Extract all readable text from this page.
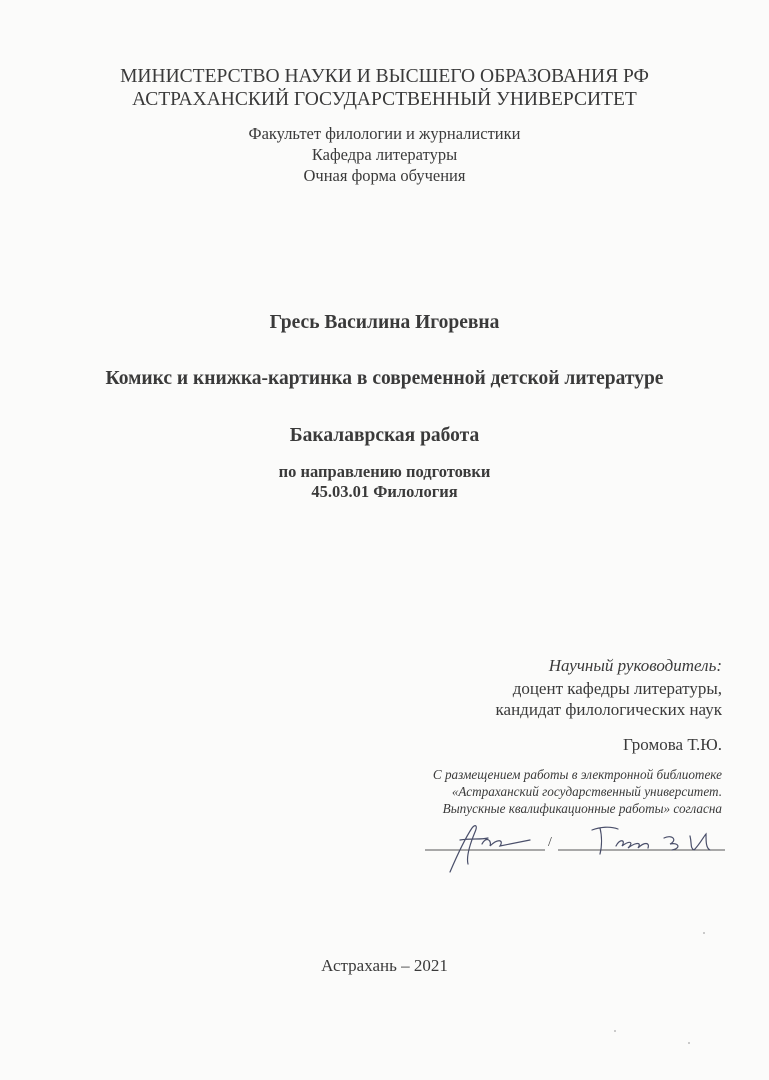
МИНИСТЕРСТВО НАУКИ И ВЫСШЕГО ОБРАЗОВАНИЯ РФ
АСТРАХАНСКИЙ ГОСУДАРСТВЕННЫЙ УНИВЕРСИТЕТ
Факультет филологии и журналистики
Кафедра литературы
Очная форма обучения
Гресь Василина Игоревна
Комикс и книжка-картинка в современной детской литературе
Бакалаврская работа
по направлению подготовки
45.03.01 Филология
Научный руководитель:
доцент кафедры литературы,
кандидат филологических наук
Громова Т.Ю.
С размещением работы в электронной библиотеке
«Астраханский государственный университет.
Выпускные квалификационные работы» согласна
/
Астрахань – 2021
